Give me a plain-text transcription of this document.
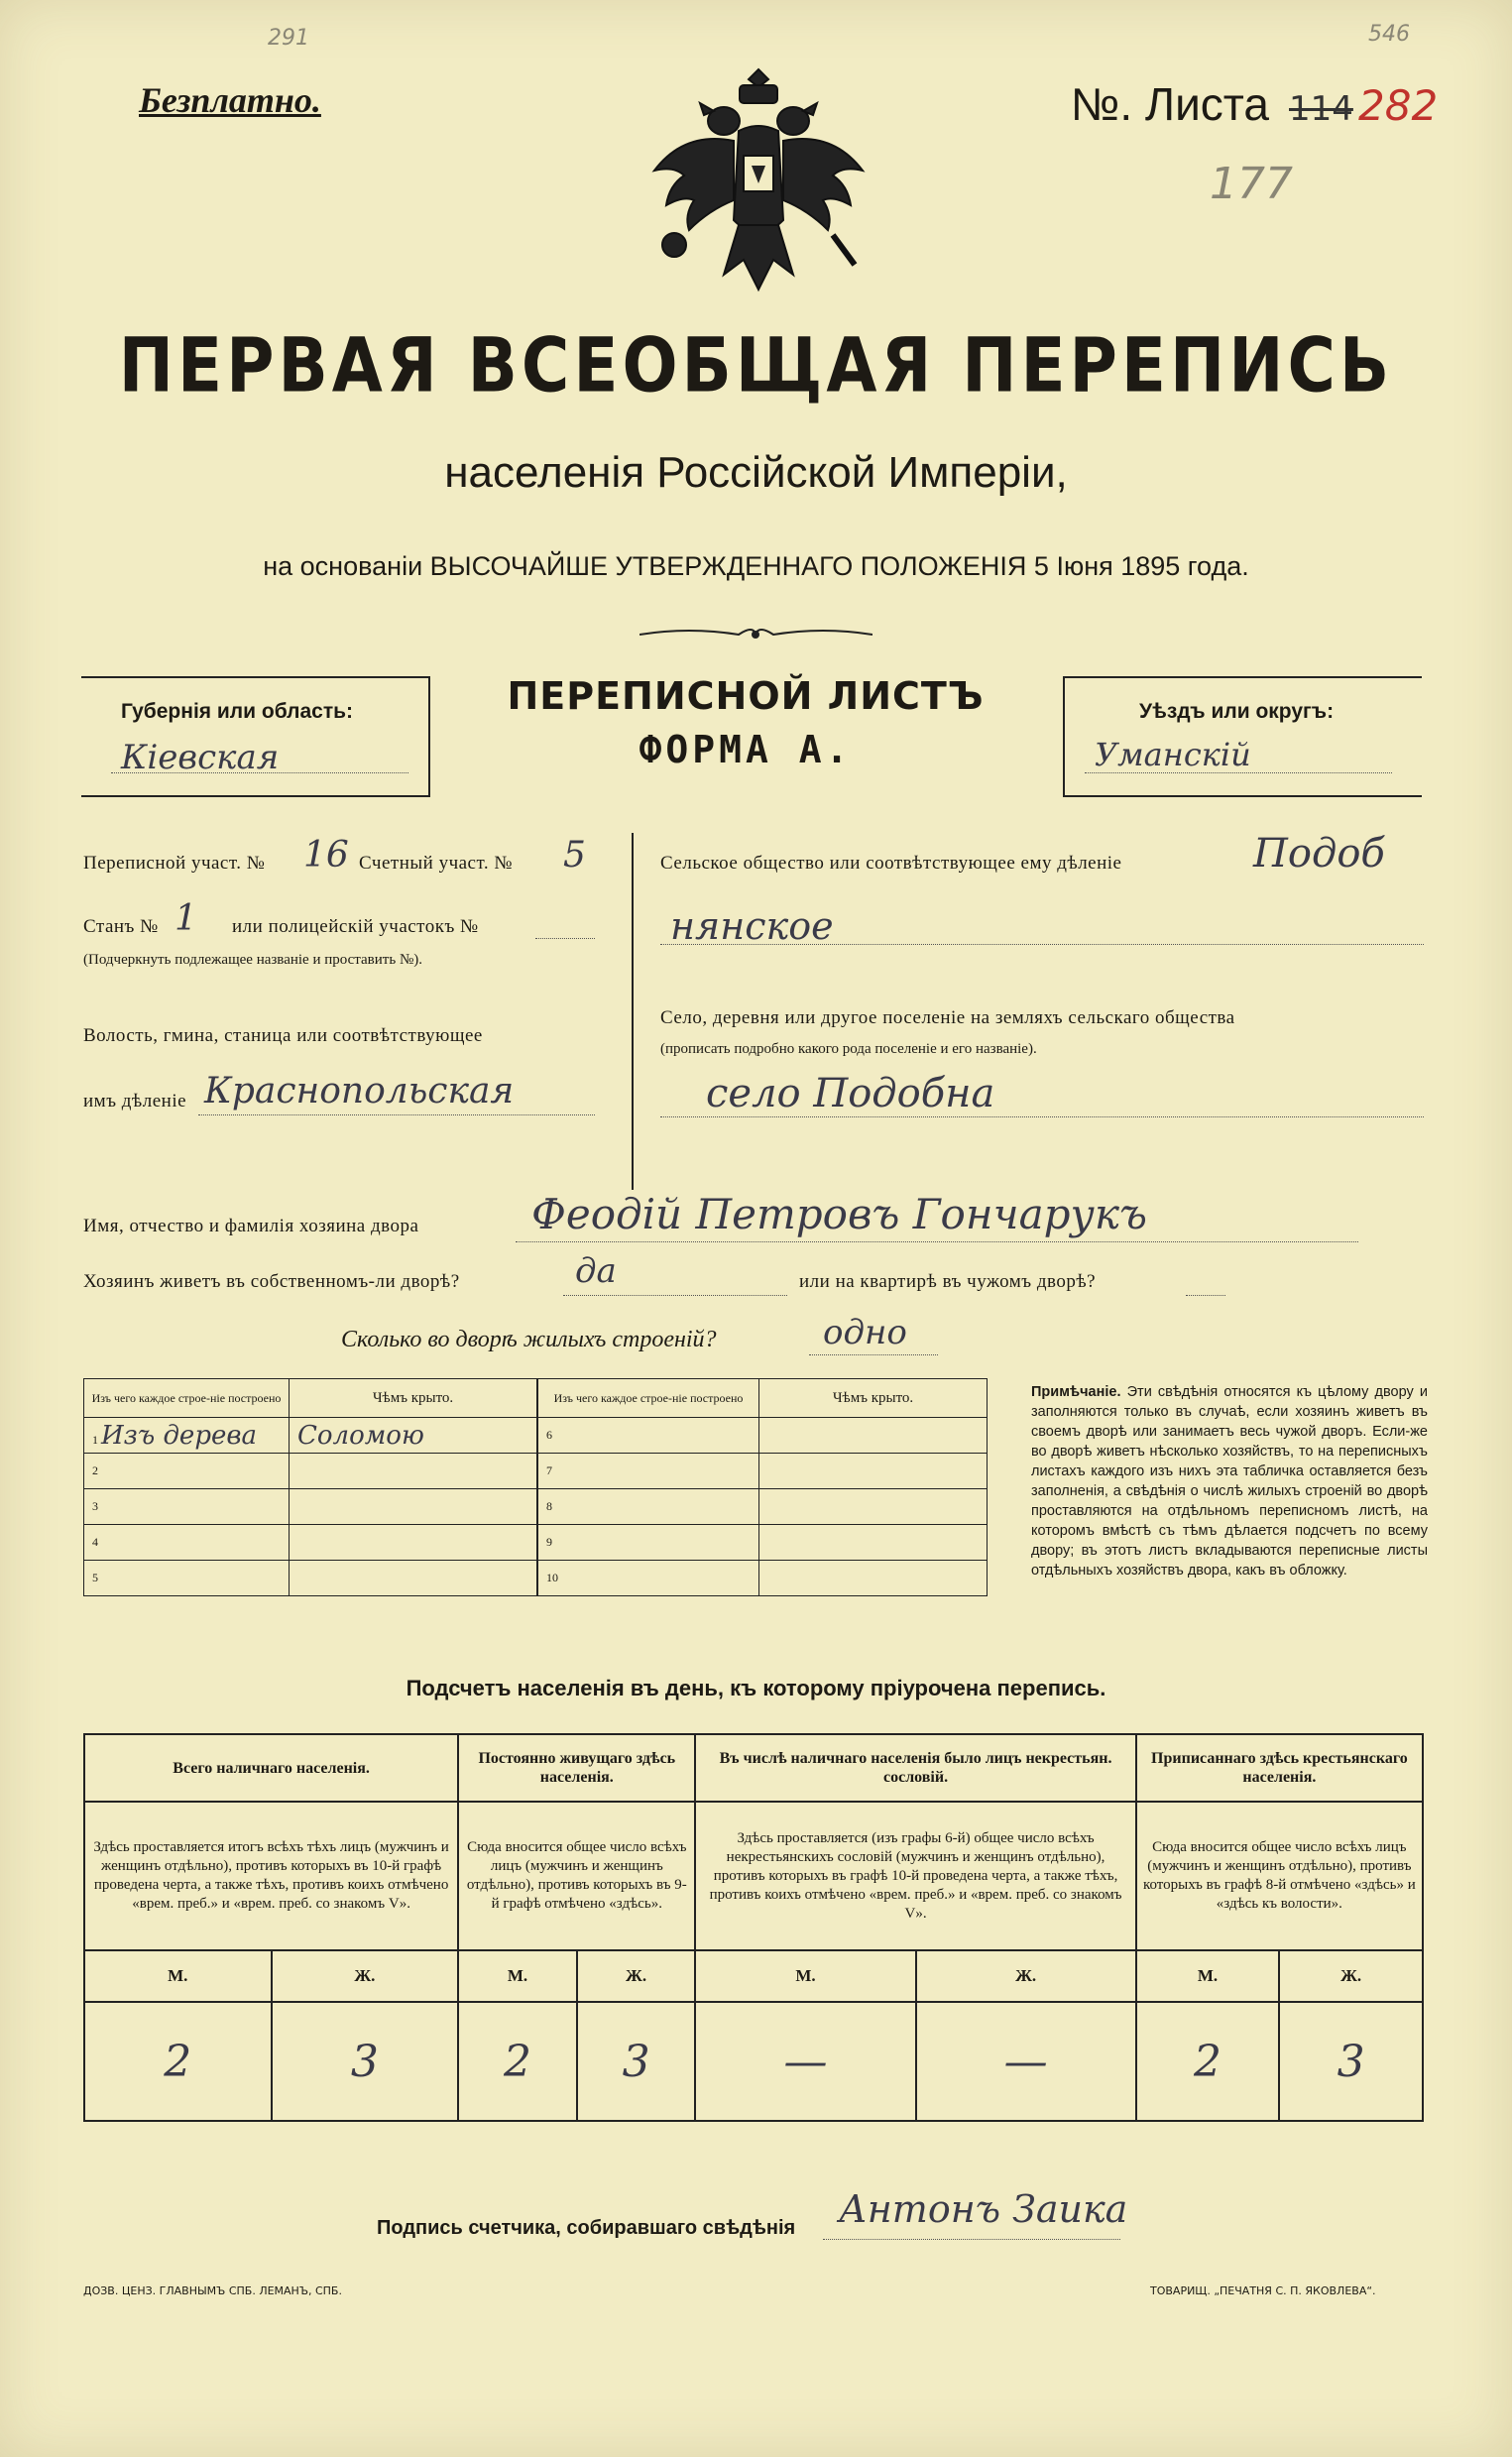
291	546
Безплатно.	№. Листа 114 282
177
ПЕРВАЯ ВСЕОБЩАЯ ПЕРЕПИСЬ
населенія Россійской Имперіи,
на основаніи ВЫСОЧАЙШЕ УТВЕРЖДЕННАГО ПОЛОЖЕНІЯ 5 Іюня 1895 года.
Губернія или область:
Кіевская
ПЕРЕПИСНОЙ ЛИСТЪ
ФОРМА А.
Уѣздъ или округъ:
Уманскій
Переписной участ. № 16 Счетный участ. № 5
Станъ № 1 или полицейскій участокъ №
(Подчеркнуть подлежащее названіе и проставить №).
Волость, гмина, станица или соотвѣтствующее
имъ дѣленіе Краснопольская
Сельское общество или соотвѣтствующее ему дѣленіе	Подоб
нянское
Село, деревня или другое поселеніе на земляхъ сельскаго общества
(прописать подробно какого рода поселеніе и его названіе).
село Подобна
Имя, отчество и фамилія хозяина двора	Феодій Петровъ Гончарукъ
Хозяинъ живетъ въ собственномъ-ли дворѣ?	да	или на квартирѣ въ чужомъ дворѣ?
Сколько во дворѣ жилыхъ строеній?	одно
Изъ чего каждое строе-ніе построено	Чѣмъ крыто.
1 Изъ дерева	Соломою
2	
3	
4	
5	
Изъ чего каждое строе-ніе построено	Чѣмъ крыто.
6	
7	
8	
9	
10	
Примѣчаніе. Эти свѣдѣнія относятся къ цѣлому двору и заполняются только въ случаѣ, если хозяинъ живетъ въ своемъ дворѣ или занимаетъ весь чужой дворъ. Если-же во дворѣ живетъ нѣсколько хозяйствъ, то на переписныхъ листахъ каждого изъ нихъ эта табличка оставляется безъ заполненія, а свѣдѣнія о числѣ жилыхъ строеній во дворѣ проставляются на отдѣльномъ переписномъ листѣ, на которомъ вмѣстѣ съ тѣмъ дѣлается подсчетъ по всему двору; въ этотъ листъ вкладываются переписные листы отдѣльныхъ хозяйствъ двора, какъ въ обложку.
Подсчетъ населенія въ день, къ которому пріурочена перепись.
Всего наличнаго населенія.		Постоянно живущаго здѣсь населенія.		Въ числѣ наличнаго населенія было лицъ некрестьян. сословій.		Приписаннаго здѣсь крестьянскаго населенія.	
Здѣсь проставляется итогъ всѣхъ тѣхъ лицъ (мужчинъ и женщинъ отдѣльно), противъ которыхъ въ 10-й графѣ проведена черта, а также тѣхъ, противъ коихъ отмѣчено «врем. преб.» и «врем. преб. со знакомъ V».		Сюда вносится общее число всѣхъ лицъ (мужчинъ и женщинъ отдѣльно), противъ которыхъ въ 9-й графѣ отмѣчено «здѣсь».		Здѣсь проставляется (изъ графы 6-й) общее число всѣхъ некрестьянскихъ сословій (мужчинъ и женщинъ отдѣльно), противъ которыхъ въ графѣ 10-й проведена черта, а также тѣхъ, противъ коихъ отмѣчено «врем. преб.» и «врем. преб. со знакомъ V».		Сюда вносится общее число всѣхъ лицъ (мужчинъ и женщинъ отдѣльно), противъ которыхъ въ графѣ 8-й отмѣчено «здѣсь» и «здѣсь къ волости».	
М.	Ж.	М.	Ж.	М.	Ж.	М.	Ж.
2	3	2	3	—	—	2	3
Подпись счетчика, собиравшаго свѣдѣнія Антонъ Заика
ДОЗВ. ЦЕНЗ. ГЛАВНЫМЪ СПБ. ЛЕМАНЪ, СПБ.	ТОВАРИЩ. „ПЕЧАТНЯ С. П. ЯКОВЛЕВА“.
